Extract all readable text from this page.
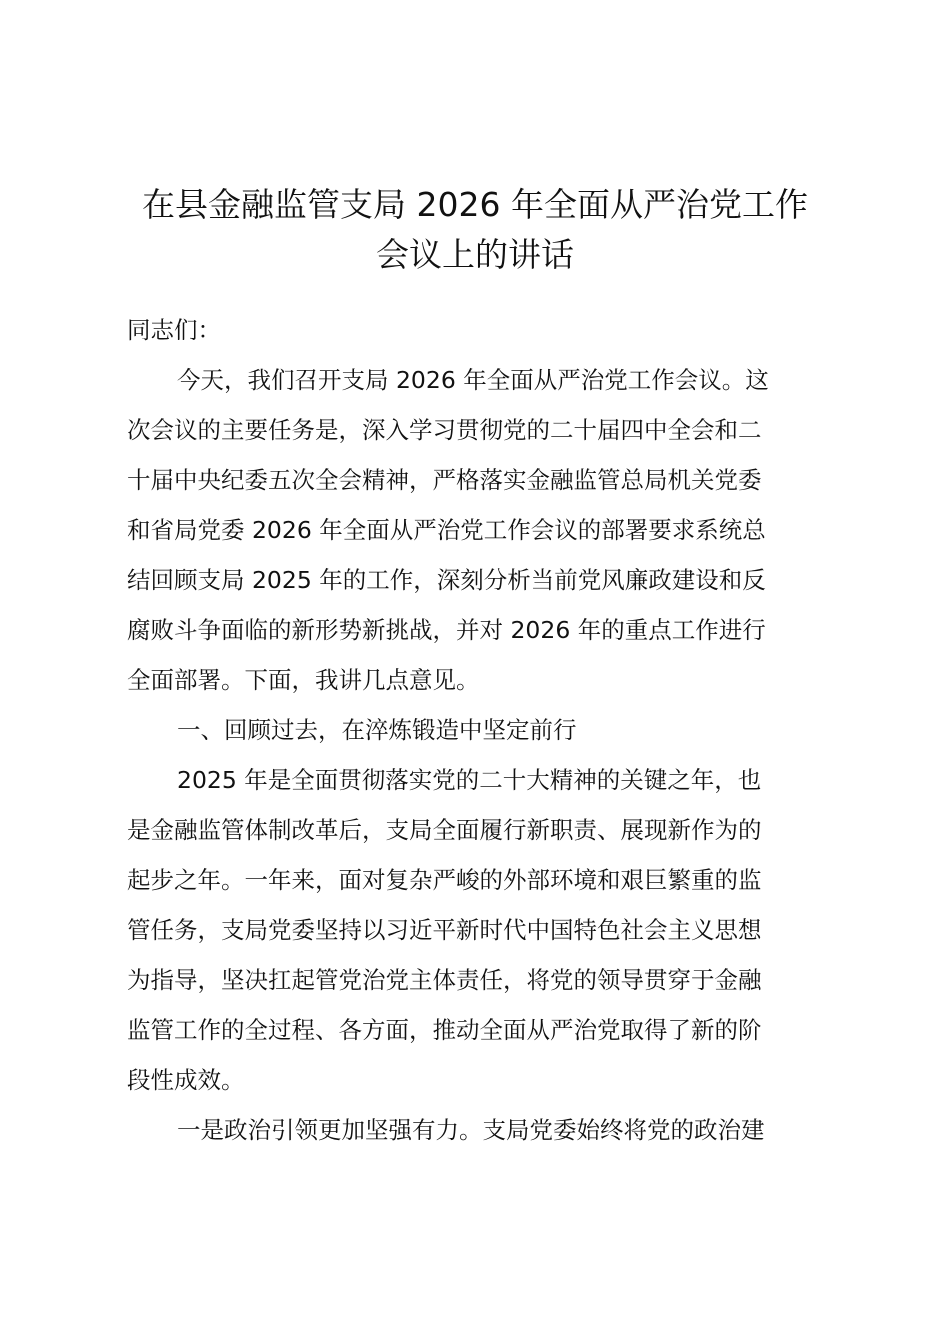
在县金融监管支局 2026 年全面从严治党工作
会议上的讲话
同志们：
今天，我们召开支局 2026 年全面从严治党工作会议。这
次会议的主要任务是，深入学习贯彻党的二十届四中全会和二
十届中央纪委五次全会精神，严格落实金融监管总局机关党委
和省局党委 2026 年全面从严治党工作会议的部署要求系统总
结回顾支局 2025 年的工作，深刻分析当前党风廉政建设和反
腐败斗争面临的新形势新挑战，并对 2026 年的重点工作进行
全面部署。下面，我讲几点意见。
一、回顾过去，在淬炼锻造中坚定前行
2025 年是全面贯彻落实党的二十大精神的关键之年，也
是金融监管体制改革后，支局全面履行新职责、展现新作为的
起步之年。一年来，面对复杂严峻的外部环境和艰巨繁重的监
管任务，支局党委坚持以习近平新时代中国特色社会主义思想
为指导，坚决扛起管党治党主体责任，将党的领导贯穿于金融
监管工作的全过程、各方面，推动全面从严治党取得了新的阶
段性成效。
一是政治引领更加坚强有力。支局党委始终将党的政治建
